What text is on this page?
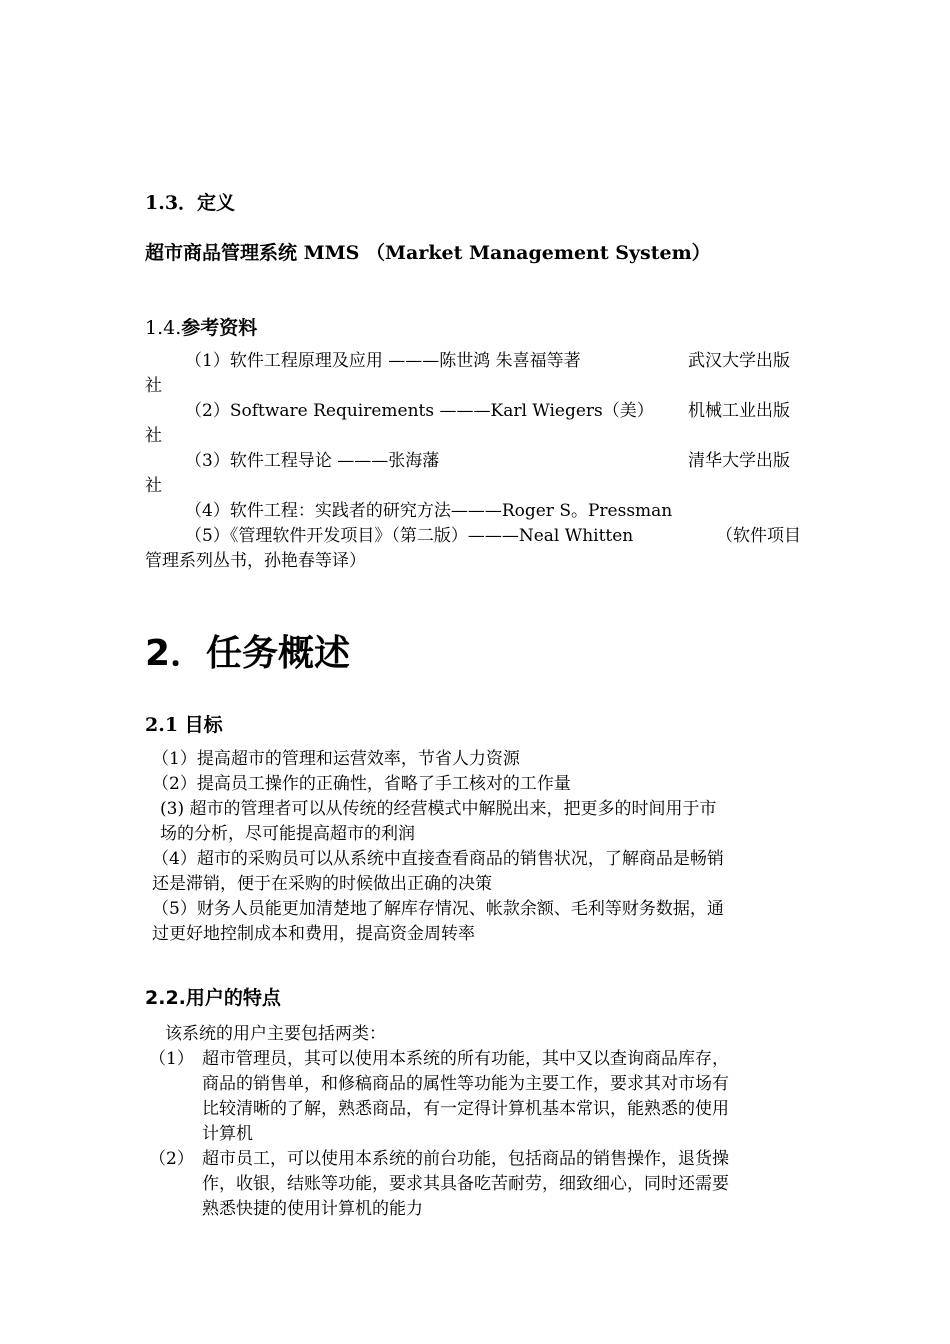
1.3．定义
超市商品管理系统 MMS （Market Management System）
1.4.参考资料
（1）软件工程原理及应用 ———陈世鸿 朱喜福等著	武汉大学出版
社
（2）Software Requirements ———Karl Wiegers（美） 机械工业出版
社
（3）软件工程导论 ———张海藩	清华大学出版
社
（4）软件工程：实践者的研究方法———Roger S。Pressman
（5）《管理软件开发项目》（第二版）———Neal Whitten	（软件项目
管理系列丛书，孙艳春等译）
2．任务概述
2.1 目标
（1）提高超市的管理和运营效率，节省人力资源
（2）提高员工操作的正确性，省略了手工核对的工作量
(3) 超市的管理者可以从传统的经营模式中解脱出来，把更多的时间用于市
场的分析，尽可能提高超市的利润
（4）超市的采购员可以从系统中直接查看商品的销售状况，了解商品是畅销
还是滞销，便于在采购的时候做出正确的决策
（5）财务人员能更加清楚地了解库存情况、帐款余额、毛利等财务数据，通
过更好地控制成本和费用，提高资金周转率
2.2.用户的特点
该系统的用户主要包括两类：
（1） 超市管理员，其可以使用本系统的所有功能，其中又以查询商品库存，
商品的销售单，和修稿商品的属性等功能为主要工作，要求其对市场有
比较清晰的了解，熟悉商品，有一定得计算机基本常识，能熟悉的使用
计算机
（2） 超市员工，可以使用本系统的前台功能，包括商品的销售操作，退货操
作，收银，结账等功能，要求其具备吃苦耐劳，细致细心，同时还需要
熟悉快捷的使用计算机的能力
